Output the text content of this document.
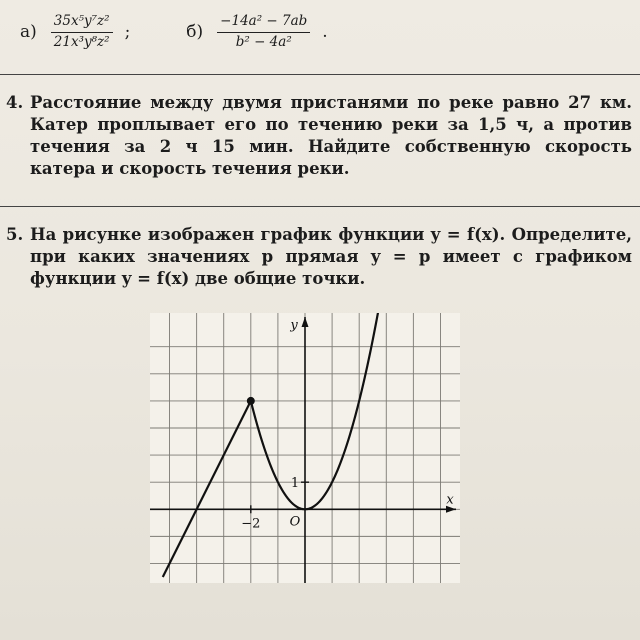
$а) \frac{\text{35x⁵y⁷z²}}{\text{21x³y⁸z²}}$ ;	$б) \frac{\text{−14a² − 7ab}}{\text{b² − 4a²}}$ .
4. Расстояние между двумя пристанями по реке равно 27 км. Катер проплывает его по течению реки за 1,5 ч, а против течения за 2 ч 15 мин. Найдите собственную скорость катера и скорость течения реки.
5. На рисунке изображен график функции y = f(x). Определите, при каких значениях p прямая y = p имеет с графиком функции y = f(x) две общие точки.
y
x
O
−2
1
